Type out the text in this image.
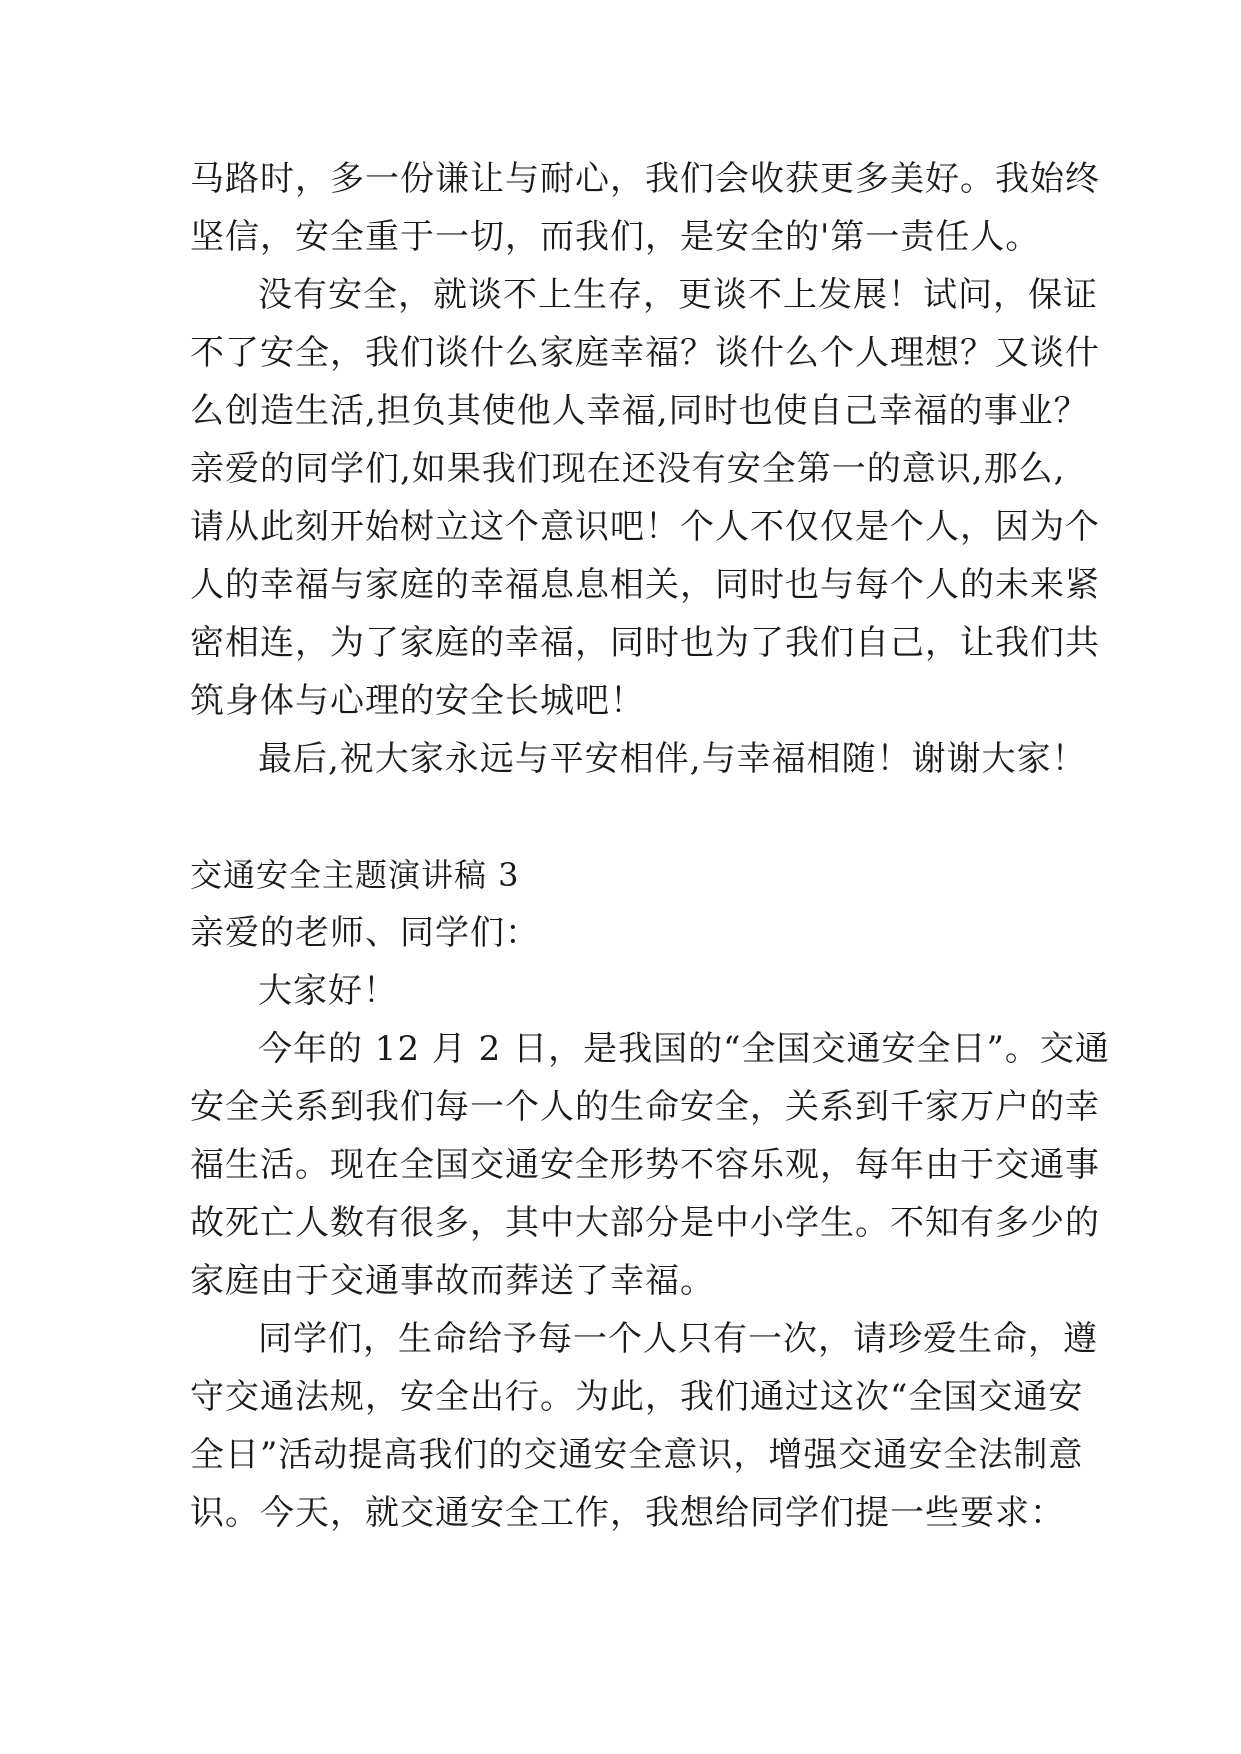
马路时，多一份谦让与耐心，我们会收获更多美好。我始终
坚信，安全重于一切，而我们，是安全的'第一责任人。
没有安全，就谈不上生存，更谈不上发展！试问，保证
不了安全，我们谈什么家庭幸福？谈什么个人理想？又谈什
么创造生活,担负其使他人幸福,同时也使自己幸福的事业？
亲爱的同学们,如果我们现在还没有安全第一的意识,那么,
请从此刻开始树立这个意识吧！个人不仅仅是个人，因为个
人的幸福与家庭的幸福息息相关，同时也与每个人的未来紧
密相连，为了家庭的幸福，同时也为了我们自己，让我们共
筑身体与心理的安全长城吧！
最后,祝大家永远与平安相伴,与幸福相随！谢谢大家！
交通安全主题演讲稿 3
亲爱的老师、同学们：
大家好！
今年的 12 月 2 日，是我国的“全国交通安全日”。交通
安全关系到我们每一个人的生命安全，关系到千家万户的幸
福生活。现在全国交通安全形势不容乐观，每年由于交通事
故死亡人数有很多，其中大部分是中小学生。不知有多少的
家庭由于交通事故而葬送了幸福。
同学们，生命给予每一个人只有一次，请珍爱生命，遵
守交通法规，安全出行。为此，我们通过这次“全国交通安
全日”活动提高我们的交通安全意识，增强交通安全法制意
识。今天，就交通安全工作，我想给同学们提一些要求：
